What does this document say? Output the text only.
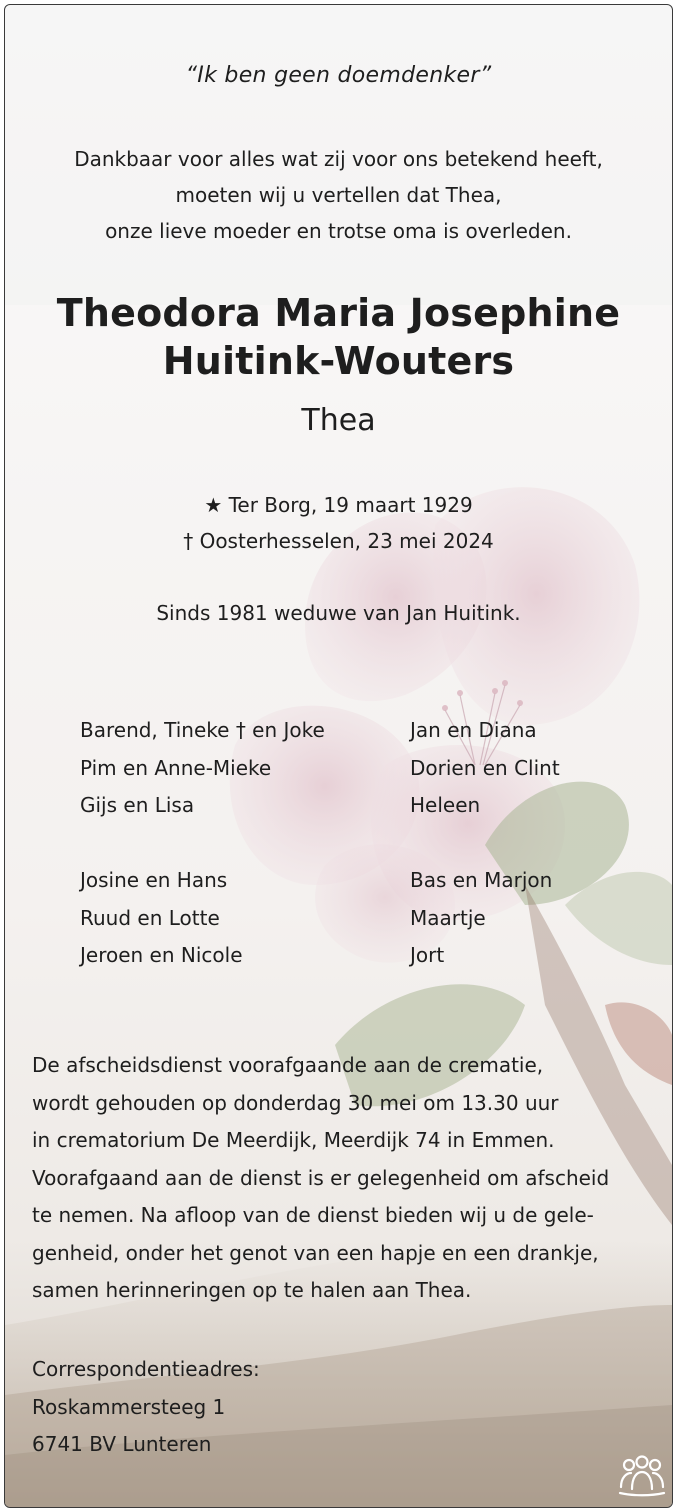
“Ik ben geen doemdenker”
Dankbaar voor alles wat zij voor ons betekend heeft,
moeten wij u vertellen dat Thea,
onze lieve moeder en trotse oma is overleden.
Theodora Maria Josephine
Huitink-Wouters
Thea
★ Ter Borg, 19 maart 1929
† Oosterhesselen, 23 mei 2024
Sinds 1981 weduwe van Jan Huitink.
Barend, Tineke † en Joke
Pim en Anne-Mieke
Gijs en Lisa
Jan en Diana
Dorien en Clint
Heleen
Josine en Hans
Ruud en Lotte
Jeroen en Nicole
Bas en Marjon
Maartje
Jort
De afscheidsdienst voorafgaande aan de crematie,
wordt gehouden op donderdag 30 mei om 13.30 uur
in crematorium De Meerdijk, Meerdijk 74 in Emmen.
Voorafgaand aan de dienst is er gelegenheid om afscheid
te nemen. Na afloop van de dienst bieden wij u de gele-
genheid, onder het genot van een hapje en een drankje,
samen herinneringen op te halen aan Thea.
Correspondentieadres:
Roskammersteeg 1
6741 BV Lunteren
